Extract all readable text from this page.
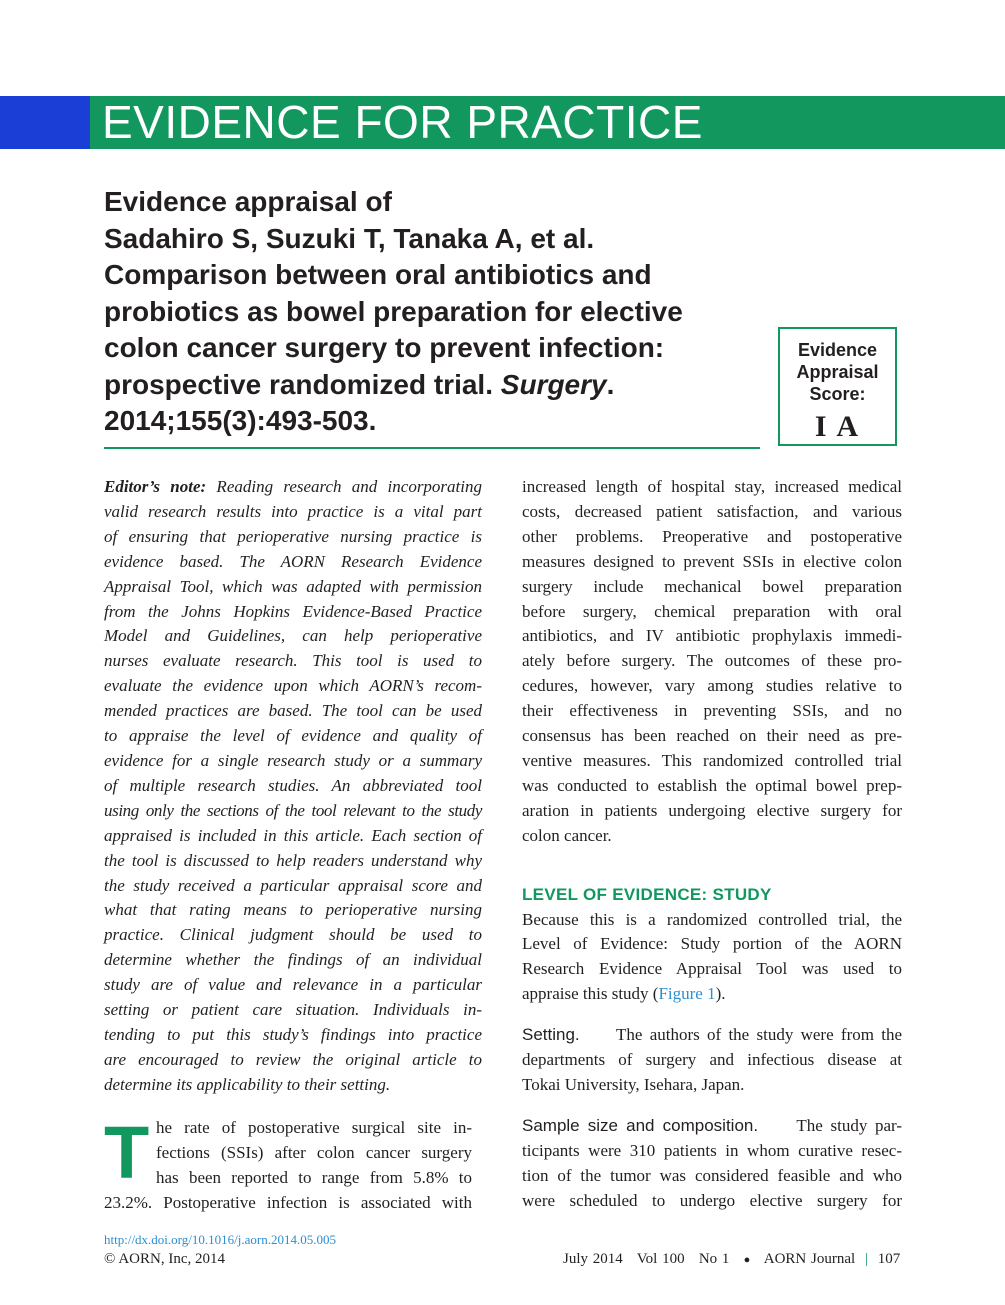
EVIDENCE FOR PRACTICE
Evidence appraisal of
Sadahiro S, Suzuki T, Tanaka A, et al.
Comparison between oral antibiotics and
probiotics as bowel preparation for elective
colon cancer surgery to prevent infection:
prospective randomized trial. Surgery.
2014;155(3):493-503.
Evidence
Appraisal
Score:
I A
Editor’s note: Reading research and incorporating
valid research results into practice is a vital part
of ensuring that perioperative nursing practice is
evidence based. The AORN Research Evidence
Appraisal Tool, which was adapted with permission
from the Johns Hopkins Evidence-Based Practice
Model and Guidelines, can help perioperative
nurses evaluate research. This tool is used to
evaluate the evidence upon which AORN’s recom-
mended practices are based. The tool can be used
to appraise the level of evidence and quality of
evidence for a single research study or a summary
of multiple research studies. An abbreviated tool
using only the sections of the tool relevant to the study
appraised is included in this article. Each section of
the tool is discussed to help readers understand why
the study received a particular appraisal score and
what that rating means to perioperative nursing
practice. Clinical judgment should be used to
determine whether the findings of an individual
study are of value and relevance in a particular
setting or patient care situation. Individuals in-
tending to put this study’s findings into practice
are encouraged to review the original article to
determine its applicability to their setting.
T he rate of postoperative surgical site in-
fections (SSIs) after colon cancer surgery
has been reported to range from 5.8% to
23.2%. Postoperative infection is associated with
increased length of hospital stay, increased medical
costs, decreased patient satisfaction, and various
other problems. Preoperative and postoperative
measures designed to prevent SSIs in elective colon
surgery include mechanical bowel preparation
before surgery, chemical preparation with oral
antibiotics, and IV antibiotic prophylaxis immedi-
ately before surgery. The outcomes of these pro-
cedures, however, vary among studies relative to
their effectiveness in preventing SSIs, and no
consensus has been reached on their need as pre-
ventive measures. This randomized controlled trial
was conducted to establish the optimal bowel prep-
aration in patients undergoing elective surgery for
colon cancer.
LEVEL OF EVIDENCE: STUDY
Because this is a randomized controlled trial, the
Level of Evidence: Study portion of the AORN
Research Evidence Appraisal Tool was used to
appraise this study (Figure 1).
Setting. The authors of the study were from the
departments of surgery and infectious disease at
Tokai University, Isehara, Japan.
Sample size and composition. The study par-
ticipants were 310 patients in whom curative resec-
tion of the tumor was considered feasible and who
were scheduled to undergo elective surgery for
http://dx.doi.org/10.1016/j.aorn.2014.05.005
© AORN, Inc, 2014	July 2014 Vol 100 No 1 ● AORN Journal | 107
